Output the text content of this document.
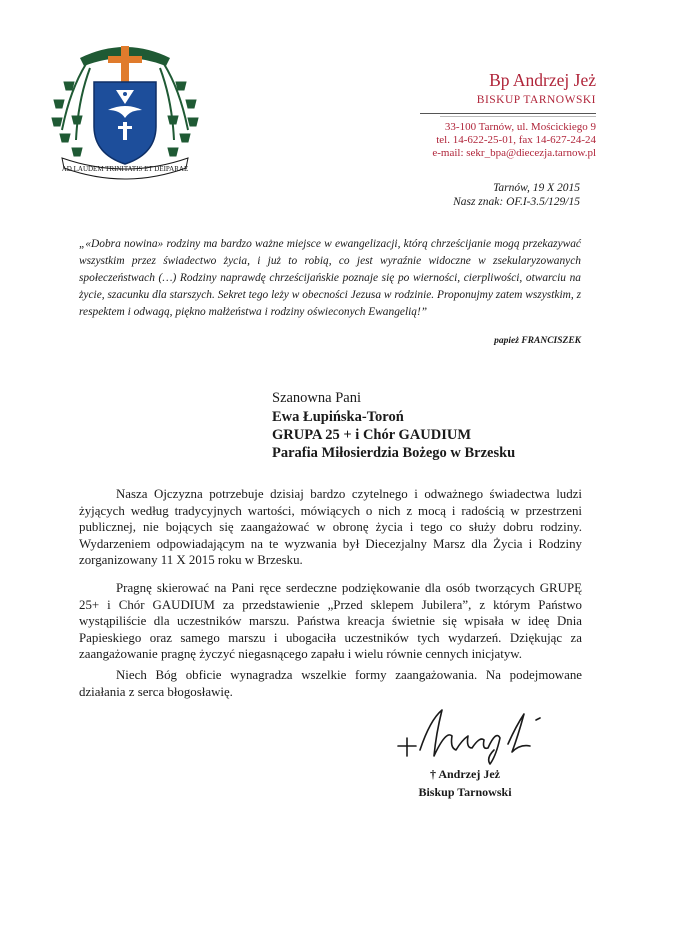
AD LAUDEM TRINITATIS ET DEIPARAE
Bp Andrzej Jeż
BISKUP TARNOWSKI
33-100 Tarnów, ul. Mościckiego 9
tel. 14-622-25-01, fax 14-627-24-24
e-mail: sekr_bpa@diecezja.tarnow.pl
Tarnów, 19 X 2015
Nasz znak: OF.I-3.5/129/15
„«Dobra nowina» rodziny ma bardzo ważne miejsce w ewangelizacji, którą chrześcijanie mogą przekazywać wszystkim przez świadectwo życia, i już to robią, co jest wyraźnie widoczne w zsekularyzowanych społeczeństwach (…) Rodziny naprawdę chrześcijańskie poznaje się po wierności, cierpliwości, otwarciu na życie, szacunku dla starszych. Sekret tego leży w obecności Jezusa w rodzinie. Proponujmy zatem wszystkim, z respektem i odwagą, piękno małżeństwa i rodziny oświeconych Ewangelią!”
papież FRANCISZEK
Szanowna Pani
Ewa Łupińska-Toroń
GRUPA 25 + i Chór GAUDIUM
Parafia Miłosierdzia Bożego w Brzesku
Nasza Ojczyzna potrzebuje dzisiaj bardzo czytelnego i odważnego świadectwa ludzi żyjących według tradycyjnych wartości, mówiących o nich z mocą i radością w przestrzeni publicznej, nie bojących się zaangażować w obronę życia i tego co służy dobru rodziny. Wydarzeniem odpowiadającym na te wyzwania był Diecezjalny Marsz dla Życia i Rodziny zorganizowany 11 X 2015 roku w Brzesku.
Pragnę skierować na Pani ręce serdeczne podziękowanie dla osób tworzących GRUPĘ 25+ i Chór GAUDIUM za przedstawienie „Przed sklepem Jubilera”, z którym Państwo wystąpiliście dla uczestników marszu. Państwa kreacja świetnie się wpisała w ideę Dnia Papieskiego oraz samego marszu i ubogaciła uczestników tych wydarzeń. Dziękując za zaangażowanie pragnę życzyć niegasnącego zapału i wielu równie cennych inicjatyw.
Niech Bóg obficie wynagradza wszelkie formy zaangażowania. Na podejmowane działania z serca błogosławię.
† Andrzej Jeż
Biskup Tarnowski
